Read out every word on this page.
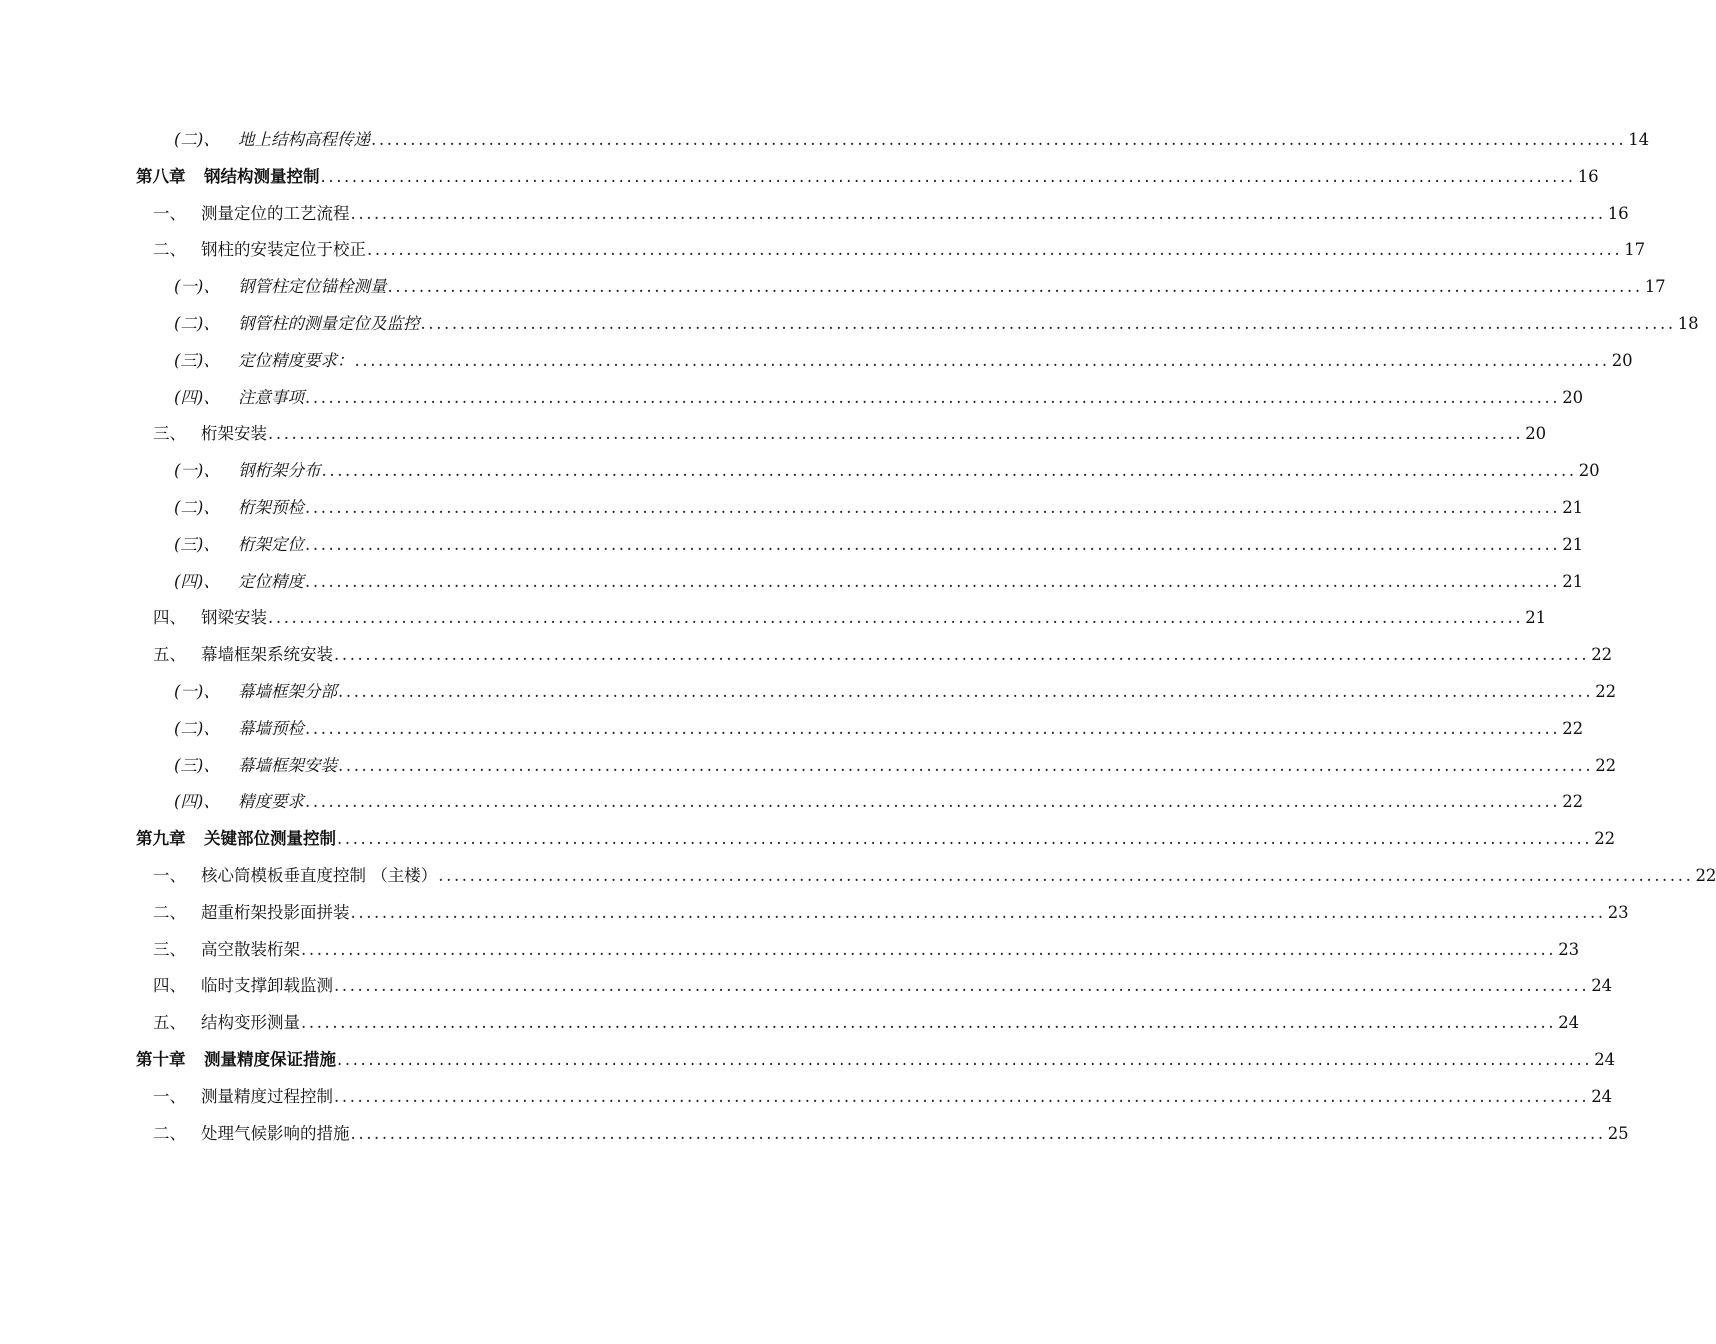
(二)、	地上结构高程传递 ................................................................................................................................................................ 14
第八章	钢结构测量控制 ................................................................................................................................................................ 16
一、 测量定位的工艺流程 ................................................................................................................................................................ 16
二、 钢柱的安装定位于校正 ................................................................................................................................................................ 17
(一)、	钢管柱定位锚栓测量 ................................................................................................................................................................ 17
(二)、	钢管柱的测量定位及监控 ................................................................................................................................................................ 18
(三)、	定位精度要求： ................................................................................................................................................................ 20
(四)、	注意事项 ................................................................................................................................................................ 20
三、 桁架安装 ................................................................................................................................................................ 20
(一)、	钢桁架分布 ................................................................................................................................................................ 20
(二)、	桁架预检 ................................................................................................................................................................ 21
(三)、	桁架定位 ................................................................................................................................................................ 21
(四)、	定位精度 ................................................................................................................................................................ 21
四、 钢梁安装 ................................................................................................................................................................ 21
五、 幕墙框架系统安装 ................................................................................................................................................................ 22
(一)、	幕墙框架分部 ................................................................................................................................................................ 22
(二)、	幕墙预检 ................................................................................................................................................................ 22
(三)、	幕墙框架安装 ................................................................................................................................................................ 22
(四)、	精度要求 ................................................................................................................................................................ 22
第九章	关键部位测量控制 ................................................................................................................................................................ 22
一、 核心筒模板垂直度控制 （主楼） ................................................................................................................................................................ 22
二、 超重桁架投影面拼装 ................................................................................................................................................................ 23
三、 高空散装桁架 ................................................................................................................................................................ 23
四、 临时支撑卸载监测 ................................................................................................................................................................ 24
五、 结构变形测量 ................................................................................................................................................................ 24
第十章	测量精度保证措施 ................................................................................................................................................................ 24
一、 测量精度过程控制 ................................................................................................................................................................ 24
二、 处理气候影响的措施 ................................................................................................................................................................ 25
